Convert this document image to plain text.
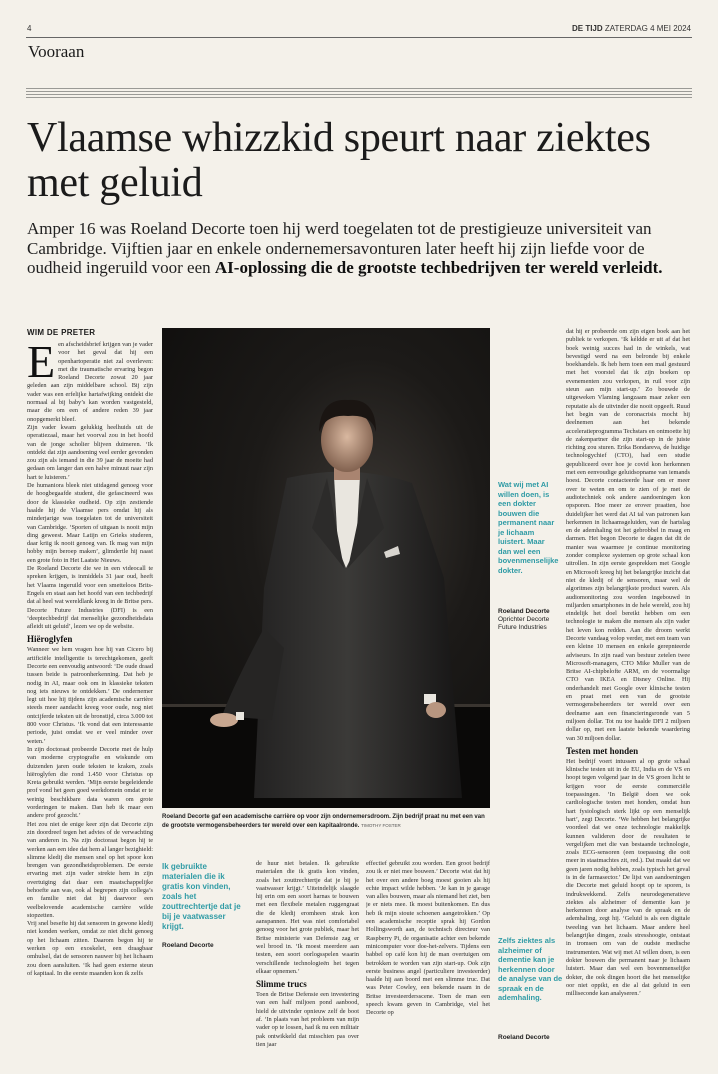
4	DE TIJD ZATERDAG 4 MEI 2024
Vooraan
Vlaamse whizzkid speurt naar ziektes met geluid
Amper 16 was Roeland Decorte toen hij werd toegelaten tot de prestigieuze universiteit van Cambridge. Vijftien jaar en enkele ondernemersavonturen later heeft hij zijn liefde voor de oudheid ingeruild voor een AI-oplossing die de grootste techbedrijven ter wereld verleidt.
WIM DE PRETER

Een afscheidsbrief krijgen van je vader voor het geval dat hij een openhartoperatie niet zal overleven: met die traumatische ervaring begon Roeland Decorte zowat 20 jaar geleden aan zijn middelbare school. Bij zijn vader was een erfelijke hartafwijking ontdekt die normaal al bij baby’s kan worden vastgesteld, maar die om een of andere reden 39 jaar onopgemerkt bleef.

Zijn vader kwam gelukkig heelhuids uit de operatiezaal, maar het voorval zou in het hoofd van de jonge scholier blijven duimeren. ‘Ik ontdekt dat zijn aandoening veel eerder gevonden zou zijn als iemand in die 39 jaar de moeite had gedaan om langer dan een halve minuut naar zijn hart te luisteren.’

De humaniora bleek niet uitdagend genoeg voor de hoogbegaafde student, die gefascineerd was door de klassieke oudheid. Op zijn zestiende haalde hij de Vlaamse pers omdat hij als minderjarige was toegelaten tot de universiteit van Cambridge. ‘Sporten of uitgaan is nooit mijn ding geweest. Maar Latijn en Grieks studeren, daar kriig ik nooit genoeg van. Ik mag van mijn hobby mijn beroep maken’, glimdertle hij naast een grote foto in Het Laatste Nieuws.

De Roeland Decorte die we in een videocall te spreken krijgen, is inmiddels 31 jaar oud, heeft het Vlaams ingeruild voor een smetteloos Brits-Engels en staat aan het hoofd van een techbedrijf dat al heel wat wereldlank kreeg in de Britse pers. Decorte Future Industries (DFI) is een ‘deeptechbedrijf dat menselijke gezondheidsdata afleidt uit geluid’, lezen we op de website.

Hiëroglyfen

Wanneer we hem vragen hoe hij van Cicero bij artificiële intelligentie is terechtgekomen, geeft Decorte een eenvoudig antwoord: ‘De oude draad tussen beide is patroonherkenning. Dat heb je nodig in AI, maar ook om in klassieke teksten nog iets nieuws te ontdekken.’ De ondernemer legt uit hoe hij tijdens zijn academische carrière steeds meer aandacht kreeg voor oude, nog niet ontcijferde teksten uit de bronstijd, circa 3.000 tot 800 voor Christus. ‘Ik vond dat een interessante periode, juist omdat we er veel minder over weten.’

In zijn doctoraat probeerde Decorte met de hulp van moderne cryptografie en wiskunde om duizenden jaren oude teksten te kraken, zoals hiëroglyfen die rond 1.450 voor Christus op Kreta gebruikt werden. ‘Mijn eerste begeleidende prof vond het geen goed werkdomein omdat er te weinig beschikbare data waren om grote vorderingen te maken. Dan heb ik maar een andere prof gezocht.’

Het zou niet de enige keer zijn dat Decorte zijn zin doordreef tegen het advies of de verwachting van anderen in. Na zijn doctoraat begon hij te werken aan een idee dat hem al langer bezighield: slimme kledij die mensen snel op het spoor kon brengen van gezondheidsproblemen. De eerste ervaring met zijn vader strekte hem in zijn overtuiging dat daar een maatschappelijke behoefte aan was, ook al begrepen zijn collega’s en familie niet dat hij daarvoor een veelbelovende academische carrière wilde stopzetten.

Vrij snel besefte hij dat sensoren in gewone kledij niet konden werken, omdat ze niet dicht genoeg op het lichaam zitten. Daarom begon hij te werken op een exoskelet, een draagbaar omhulsel, dat de sensoren nauwer bij het lichaam zou doen aansluiten. ‘Ik had geen externe steun of kapitaal. In die eerste maanden kon ik zelfs

Roeland Decorte gaf een academische carrière op voor zijn ondernemersdroom. Zijn bedrijf praat nu met een van de grootste vermogensbeheerders ter wereld over een kapitaalronde. TIMOTHY FOSTER
Wat wij met AI willen doen, is een dokter bouwen die permanent naar je lichaam luistert. Maar dan wel een bovenmenselijke dokter.
Roeland Decorte
Oprichter Decorte
Future Industries
Ik gebruikte materialen die ik gratis kon vinden, zoals het zouttrechtertje dat je bij je vaatwasser krijgt.
Roeland Decorte

de huur niet betalen. Ik gebruikte materialen die ik gratis kon vinden, zoals het zouttrechtertje dat je bij je vaatwasser krijgt.’ Uiteindelijk slaagde hij erin om een soort harnas te bouwen met een flexibele metalen ruggengraat die de kledij eromheen strak kon aanspannen. Het was niet comfortabel genoeg voor het grote publiek, maar het Britse ministerie van Defensie zag er wel brood in. ‘Ik moest meerdere aan testen, een soort oorlogsspelen waarin verschillende technologieën het tegen elkaar opnemen.’

Slimme trucs

Toen de Britse Defensie een investering van een half miljoen pond aanbood, hield de uitvinder opnieuw zelf de boot af. ‘In plaats van het probleem van mijn vader op te lossen, had ik nu een militair pak ontwikkeld dat misschien pas over tien jaar

effectief gebruikt zou worden. Een groot bedrijf zou ik er niet mee bouwen.’ Decorte wist dat hij het over een andere boeg moest gooien als hij echte impact wilde hebben. ‘Je kan in je garage van alles bouwen, maar als niemand het ziet, ben je er niets mee. Ik moest buitenkomen. En dus heb ik mijn stoute schoenen aangetrokken.’ Op een academische receptie sprak hij Gordon Hollingsworth aan, de technisch directeur van Raspberry Pi, de organisatie achter een bekende minicomputer voor doe-het-zelvers. Tijdens een babbel op café kon hij de man overtuigen om betrokken te worden van zijn start-up. Ook zijn eerste business angel (particuliere investeerder) haalde hij aan boord met een slimme truc. Dat was Peter Cowley, een bekende naam in de Britse investeerdersscene. Toen de man een speech kwam geven in Cambridge, viel het Decorte op

Zelfs ziektes als alzheimer of dementie kan je herkennen door de analyse van de spraak en de ademhaling.
Roeland Decorte

dat hij er probeerde om zijn eigen boek aan het publiek te verkopen. ‘Ik kéldde er uit af dat het boek weinig succes had in de winkels, wat bevestigd werd na een belronde bij enkele boekhandels. Ik heb hem toen een mail gestuurd met het voorstel dat ik zijn boeken op evenementen zou verkopen, in ruil voor zijn steun aan mijn start-up.’ Zo bouwde de uitgeweken Vlaming langzaam maar zeker een reputatie als de uitvinder die nooit opgeeft. Ruud het begin van de coronacrisis mocht hij deelnemen aan het bekende acceleratieprogramma Techstars en ontmoette hij de zakenpartner die zijn start-up in de juiste richting zou sturen. Erika Bondareva, de huidige technologychief (CTO), had een studie gepubliceerd over hoe je covid kon herkennen met een eenvoudige geluidsopname van iemands hoest. Decorte contacteerde haar om er meer over te weten en om te zien of je met de audiotechniek ook andere aandoeningen kon opsporen. Hoe meer ze erover praatten, hoe duidelijker het werd dat AI tal van patronen kan herkennen in lichaamsgeluiden, van de hartslag en de ademhaling tot het gebrobbel in maag en darmen. Het begon Decorte te dagen dat dit de manier was waarmee je continue monitoring zonder complexe systemen op grote schaal kon uitrollen. In zijn eerste gesprekken met Google en Microsoft kreeg hij het belangrijke inzicht dat niet de kledij of de sensoren, maar wel de algoritmes zijn belangrijkste product waren. Als audiomonitoring zou worden ingebouwd in miljarden smartphones in de hele wereld, zou hij eindelijk het doel bereikt hebben om een technologie te maken die mensen als zijn vader het leven kon redden. Aan die droom werkt Decorte vandaag volop verder, met een team van een kleine 10 mensen en enkele gerepnteerde adviseurs. In zijn raad van bestuur zetelen twee Microsoft-managers, CTO Mike Muller van de Britse AI-chipbelofte ARM, en de voormalige CTO van IKEA en Disney Online. Hij onderhandelt met Google over klinische testen en praat met een van de grootste vermogensbeheerders ter wereld over een deelname aan een financieringsronde van 5 miljoen dollar. Tot nu toe haalde DFI 2 miljoen dollar op, met een laatste bekende waardering van 30 miljoen dollar.

Testen met honden

Het bedrijf voert intussen al op grote schaal klinische testen uit in de EU, India en de VS en hoopt tegen volgend jaar in de VS groen licht te krijgen voor de eerste commerciële toepassingen. ‘In België doen we ook cardiologische testen met honden, omdat hun hart fysiologisch sterk lijkt op een menselijk hart’, zegt Decorte. ‘We hebben het belangrijke voordeel dat we onze technologie makkelijk kunnen valideren door de resultaten te vergelijken met die van bestaande technologie, zoals ECG-sensoren (een toepassing die ooit meer in staatmachtes zit, red.). Dat maakt dat we geen jaren nodig hebben, zoals typisch het geval is in de farmasector.’ De lijst van aandoeningen die Decorte met geluid hoopt op te sporen, is indrukwekkend. Zelfs neurodegeneratieve ziektes als alzheimer of dementie kan je herkennen door analyse van de spraak en de ademhaling, zegt hij. ‘Geluid is als een digitale tweeling van het lichaam. Maar andere heel belangrijke dingen, zoals stresshoogte, ontstaat in tromsen om van de oudste medische instrumenten. Wat wij met AI willen doen, is een dokter bouwen die permanent naar je lichaam luistert. Maar dan wel een bovenmenselijke dokter, die ook dingen hoort die het menselijke oor niet oppikt, en die al dat geluid in een milliseconde kan analyseren.’
